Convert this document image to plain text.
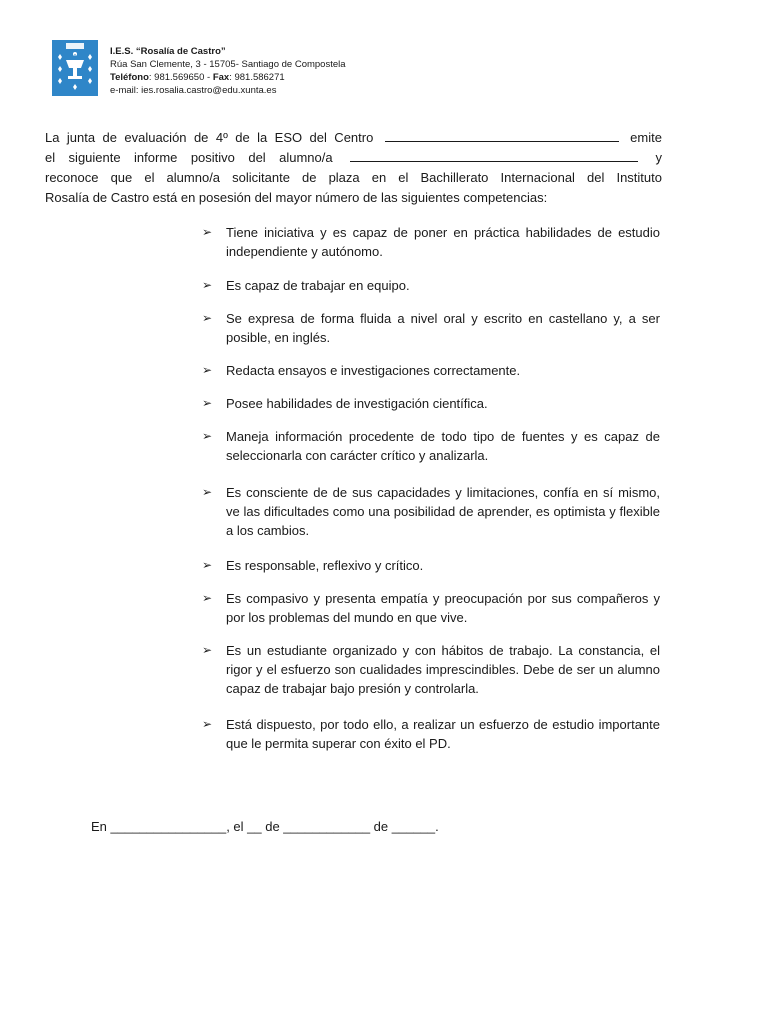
I.E.S. “Rosalía de Castro”
Rúa San Clemente, 3 - 15705- Santiago de Compostela
Teléfono: 981.569650 - Fax: 981.586271
e-mail: ies.rosalia.castro@edu.xunta.es
La junta de evaluación de 4º de la ESO del Centro	emite
el siguiente informe positivo del alumno/a	y
reconoce que el alumno/a solicitante de plaza en el Bachillerato Internacional del Instituto
Rosalía de Castro está en posesión del mayor número de las siguientes competencias:
➢	Tiene iniciativa y es capaz de poner en práctica habilidades de estudio independiente y autónomo.
➢	Es capaz de trabajar en equipo.
➢	Se expresa de forma fluida a nivel oral y escrito en castellano y, a ser posible, en inglés.
➢	Redacta ensayos e investigaciones correctamente.
➢	Posee habilidades de investigación científica.
➢	Maneja información procedente de todo tipo de fuentes y es capaz de seleccionarla con carácter crítico y analizarla.
➢	Es consciente de de sus capacidades y limitaciones, confía en sí mismo, ve las dificultades como una posibilidad de aprender, es optimista y flexible a los cambios.
➢	Es responsable, reflexivo y crítico.
➢	Es compasivo y presenta empatía y preocupación por sus compañeros y por los problemas del mundo en que vive.
➢	Es un estudiante organizado y con hábitos de trabajo. La constancia, el rigor y el esfuerzo son cualidades imprescindibles. Debe de ser un alumno capaz de trabajar bajo presión y controlarla.
➢	Está dispuesto, por todo ello, a realizar un esfuerzo de estudio importante que le permita superar con éxito el PD.
En ________________, el __ de ____________ de ______.
